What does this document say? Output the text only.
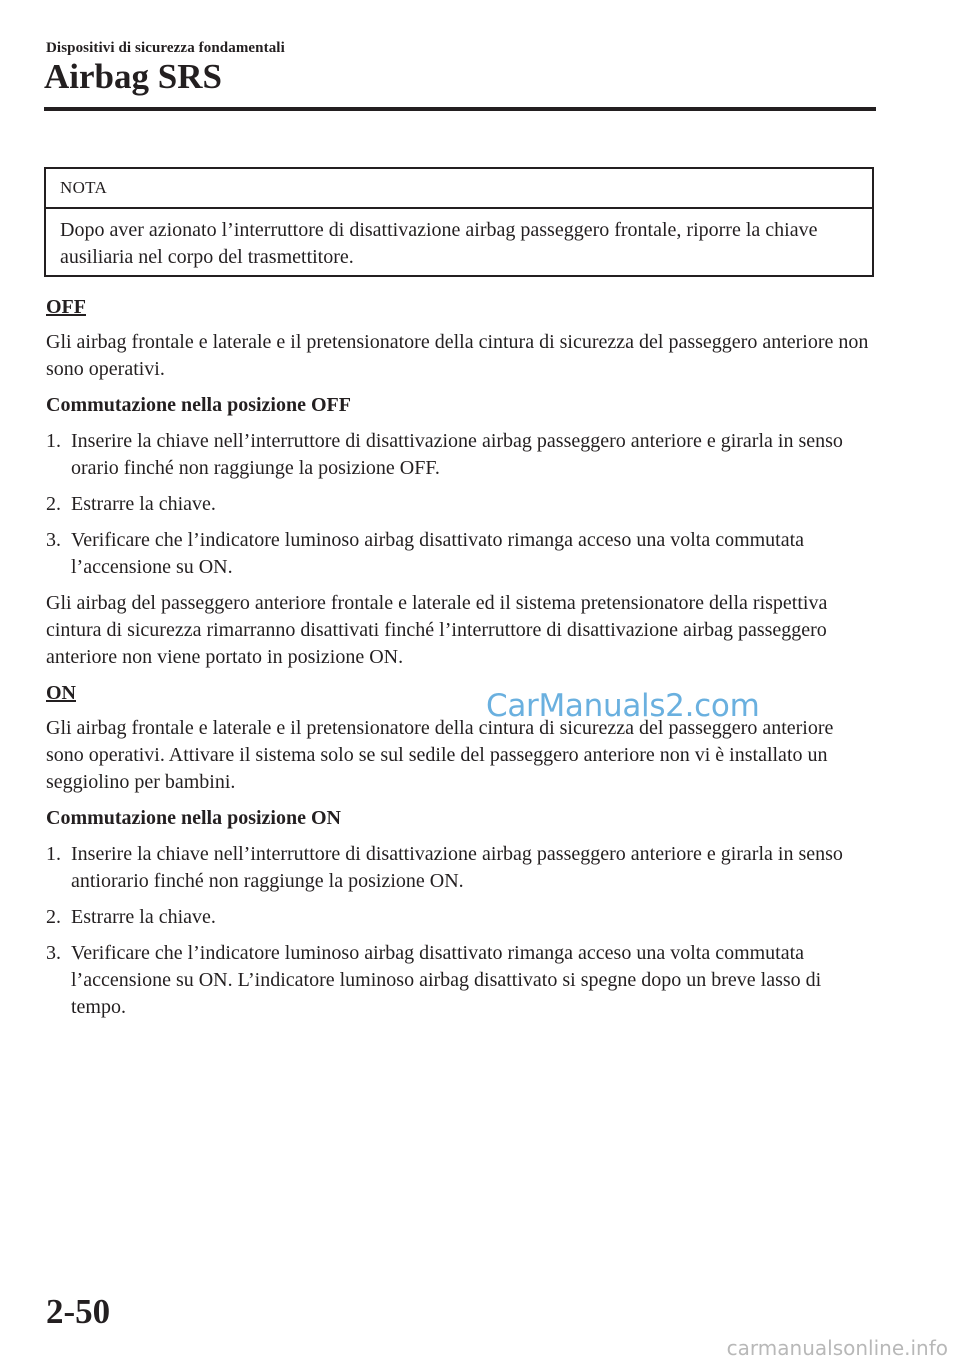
Dispositivi di sicurezza fondamentali
Airbag SRS
NOTA
Dopo aver azionato l’interruttore di disattivazione airbag passeggero frontale, riporre la chiave ausiliaria nel corpo del trasmettitore.

OFF

Gli airbag frontale e laterale e il pretensionatore della cintura di sicurezza del passeggero anteriore non sono operativi.

Commutazione nella posizione OFF

1. Inserire la chiave nell’interruttore di disattivazione airbag passeggero anteriore e girarla in senso orario finché non raggiunge la posizione OFF.
2. Estrarre la chiave.
3. Verificare che l’indicatore luminoso airbag disattivato rimanga acceso una volta commutata l’accensione su ON.

Gli airbag del passeggero anteriore frontale e laterale ed il sistema pretensionatore della rispettiva cintura di sicurezza rimarranno disattivati finché l’interruttore di disattivazione airbag passeggero anteriore non viene portato in posizione ON.

ON

Gli airbag frontale e laterale e il pretensionatore della cintura di sicurezza del passeggero anteriore sono operativi. Attivare il sistema solo se sul sedile del passeggero anteriore non vi è installato un seggiolino per bambini.

Commutazione nella posizione ON

1. Inserire la chiave nell’interruttore di disattivazione airbag passeggero anteriore e girarla in senso antiorario finché non raggiunge la posizione ON.
2. Estrarre la chiave.
3. Verificare che l’indicatore luminoso airbag disattivato rimanga acceso una volta commutata l’accensione su ON. L’indicatore luminoso airbag disattivato si spegne dopo un breve lasso di tempo.
CarManuals2.com
2-50
carmanualsonline.info
